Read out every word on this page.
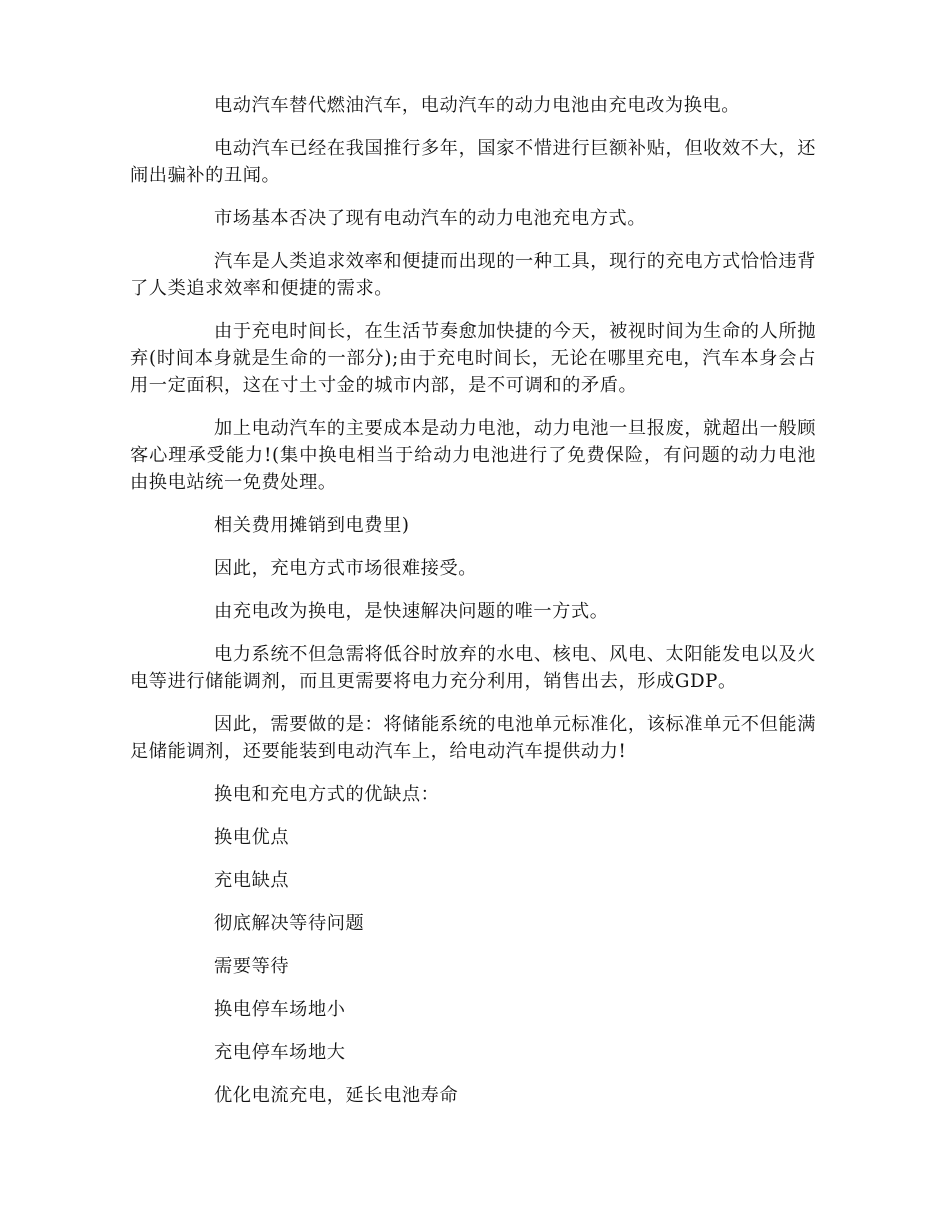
电动汽车替代燃油汽车，电动汽车的动力电池由充电改为换电。

电动汽车已经在我国推行多年，国家不惜进行巨额补贴，但收效不大，还闹出骗补的丑闻。

市场基本否决了现有电动汽车的动力电池充电方式。

汽车是人类追求效率和便捷而出现的一种工具，现行的充电方式恰恰违背了人类追求效率和便捷的需求。

由于充电时间长，在生活节奏愈加快捷的今天，被视时间为生命的人所抛弃(时间本身就是生命的一部分);由于充电时间长，无论在哪里充电，汽车本身会占用一定面积，这在寸土寸金的城市内部，是不可调和的矛盾。

加上电动汽车的主要成本是动力电池，动力电池一旦报废，就超出一般顾客心理承受能力!(集中换电相当于给动力电池进行了免费保险，有问题的动力电池由换电站统一免费处理。

相关费用摊销到电费里)

因此，充电方式市场很难接受。

由充电改为换电，是快速解决问题的唯一方式。

电力系统不但急需将低谷时放弃的水电、核电、风电、太阳能发电以及火电等进行储能调剂，而且更需要将电力充分利用，销售出去，形成GDP。

因此，需要做的是：将储能系统的电池单元标准化，该标准单元不但能满足储能调剂，还要能装到电动汽车上，给电动汽车提供动力!

换电和充电方式的优缺点：

换电优点

充电缺点

彻底解决等待问题

需要等待

换电停车场地小

充电停车场地大

优化电流充电，延长电池寿命
